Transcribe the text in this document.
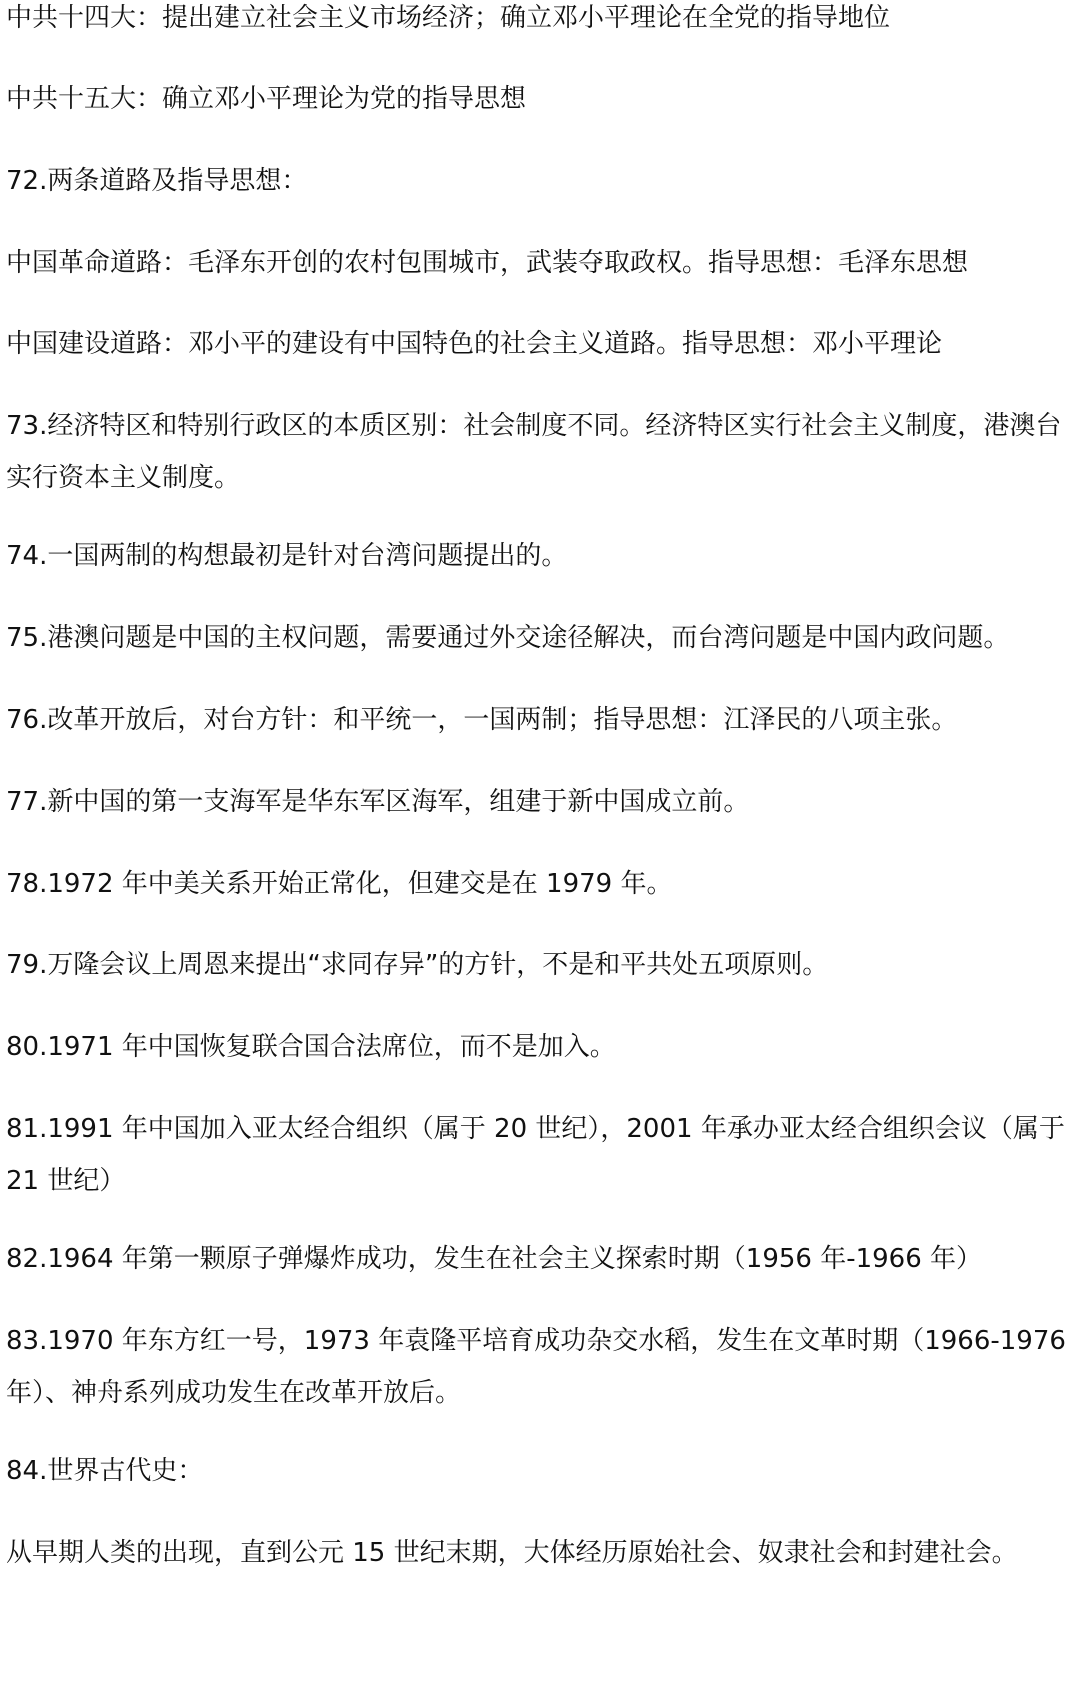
中共十四大：提出建立社会主义市场经济；确立邓小平理论在全党的指导地位

中共十五大：确立邓小平理论为党的指导思想

72.两条道路及指导思想：

中国革命道路：毛泽东开创的农村包围城市，武装夺取政权。指导思想：毛泽东思想

中国建设道路：邓小平的建设有中国特色的社会主义道路。指导思想：邓小平理论

73.经济特区和特别行政区的本质区别：社会制度不同。经济特区实行社会主义制度，港澳台实行资本主义制度。

74.一国两制的构想最初是针对台湾问题提出的。

75.港澳问题是中国的主权问题，需要通过外交途径解决，而台湾问题是中国内政问题。

76.改革开放后，对台方针：和平统一，一国两制；指导思想：江泽民的八项主张。

77.新中国的第一支海军是华东军区海军，组建于新中国成立前。

78.1972 年中美关系开始正常化，但建交是在 1979 年。

79.万隆会议上周恩来提出“求同存异”的方针，不是和平共处五项原则。

80.1971 年中国恢复联合国合法席位，而不是加入。

81.1991 年中国加入亚太经合组织（属于 20 世纪），2001 年承办亚太经合组织会议（属于 21 世纪）

82.1964 年第一颗原子弹爆炸成功，发生在社会主义探索时期（1956 年-1966 年）

83.1970 年东方红一号，1973 年袁隆平培育成功杂交水稻，发生在文革时期（1966-1976 年）、神舟系列成功发生在改革开放后。

84.世界古代史：

从早期人类的出现，直到公元 15 世纪末期，大体经历原始社会、奴隶社会和封建社会。
